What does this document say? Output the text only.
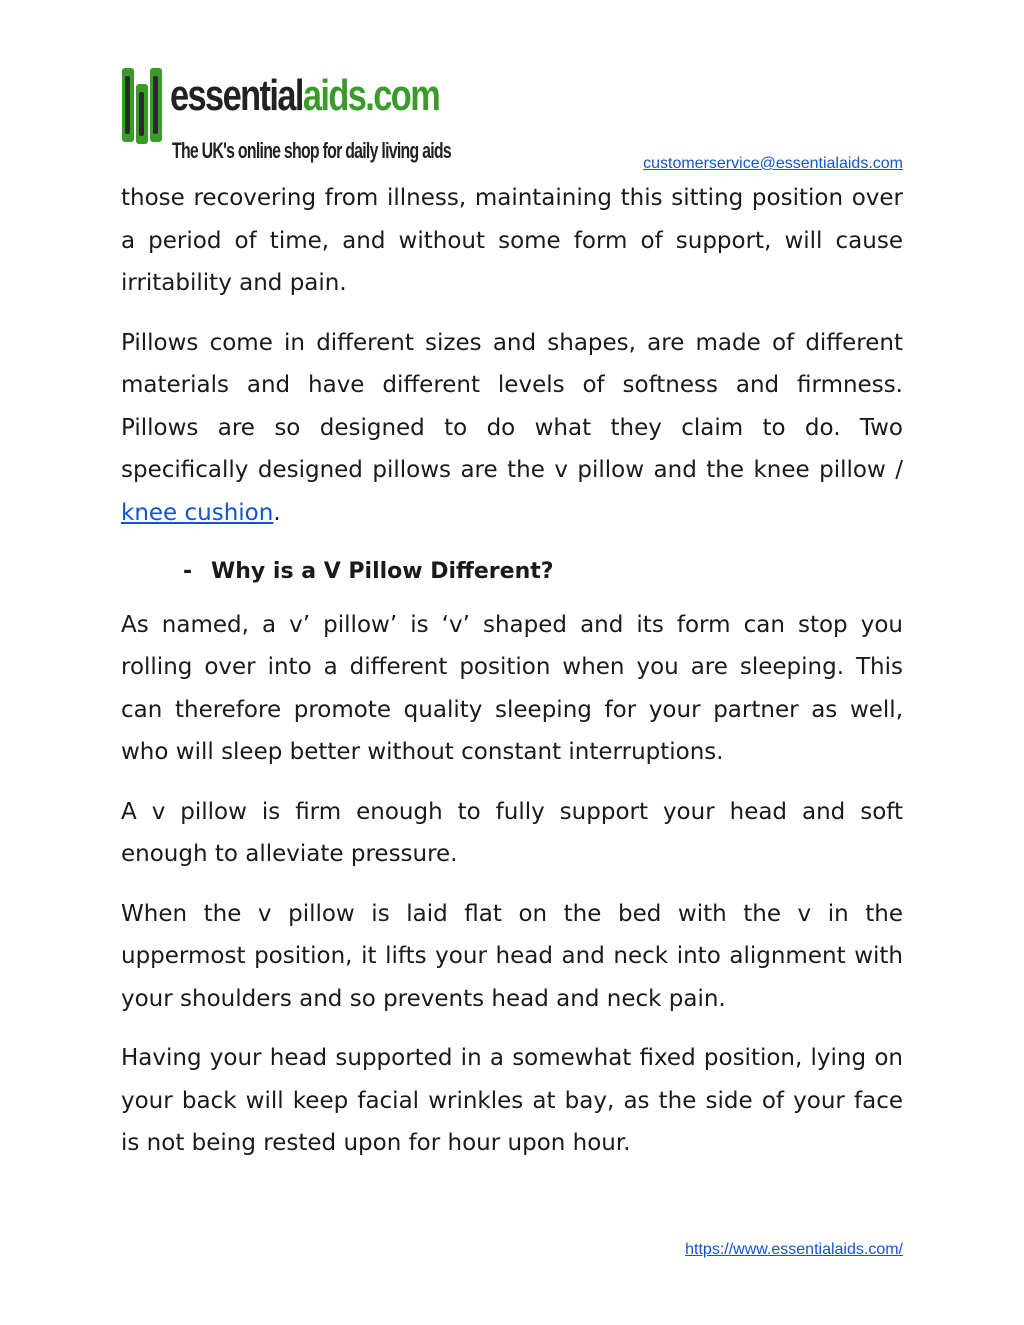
essentialaids.com
The UK's online shop for daily living aids
customerservice@essentialaids.com

those recovering from illness, maintaining this sitting position over a period of time, and without some form of support, will cause irritability and pain.

Pillows come in different sizes and shapes, are made of different materials and have different levels of softness and firmness. Pillows are so designed to do what they claim to do. Two specifically designed pillows are the v pillow and the knee pillow / knee cushion.

- Why is a V Pillow Different?

As named, a v’ pillow’ is ‘v’ shaped and its form can stop you rolling over into a different position when you are sleeping. This can therefore promote quality sleeping for your partner as well, who will sleep better without constant interruptions.

A v pillow is firm enough to fully support your head and soft enough to alleviate pressure.

When the v pillow is laid flat on the bed with the v in the uppermost position, it lifts your head and neck into alignment with your shoulders and so prevents head and neck pain.

Having your head supported in a somewhat fixed position, lying on your back will keep facial wrinkles at bay, as the side of your face is not being rested upon for hour upon hour.

https://www.essentialaids.com/
